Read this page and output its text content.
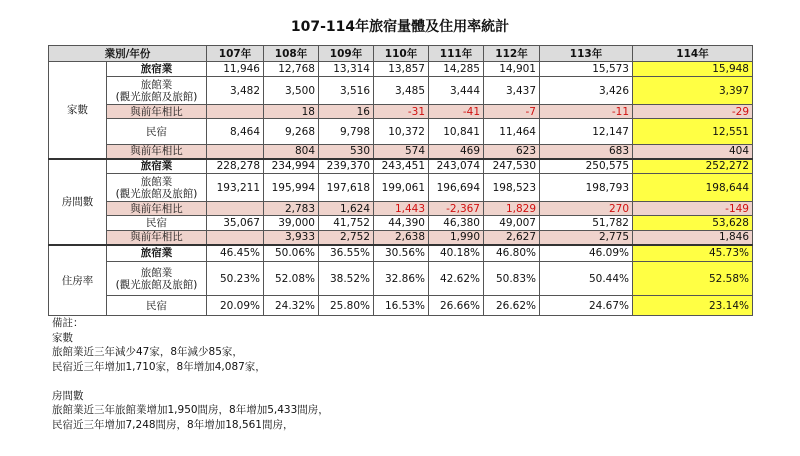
107-114年旅宿量體及住用率統計
業別/年份		107年	108年	109年	110年	111年	112年	113年	114年
家數	旅宿業	11,946	12,768	13,314	13,857	14,285	14,901	15,573	15,948

	旅館業
(觀光旅館及旅館)	3,482	3,500	3,516	3,485	3,444	3,437	3,426	3,397

	與前年相比		18	16	-31	-41	-7	-11	-29

	民宿	8,464	9,268	9,798	10,372	10,841	11,464	12,147	12,551

	與前年相比		804	530	574	469	623	683	404
房間數	旅宿業	228,278	234,994	239,370	243,451	243,074	247,530	250,575	252,272

	旅館業
(觀光旅館及旅館)	193,211	195,994	197,618	199,061	196,694	198,523	198,793	198,644

	與前年相比		2,783	1,624	1,443	-2,367	1,829	270	-149

	民宿	35,067	39,000	41,752	44,390	46,380	49,007	51,782	53,628

	與前年相比		3,933	2,752	2,638	1,990	2,627	2,775	1,846
住房率	旅宿業	46.45%	50.06%	36.55%	30.56%	40.18%	46.80%	46.09%	45.73%

	旅館業
(觀光旅館及旅館)	50.23%	52.08%	38.52%	32.86%	42.62%	50.83%	50.44%	52.58%

	民宿	20.09%	24.32%	25.80%	16.53%	26.66%	26.62%	24.67%	23.14%
備註：
家數
旅館業近三年減少47家，8年減少85家，
民宿近三年增加1,710家，8年增加4,087家，
房間數
旅館業近三年旅館業增加1,950間房，8年增加5,433間房，
民宿近三年增加7,248間房，8年增加18,561間房，
